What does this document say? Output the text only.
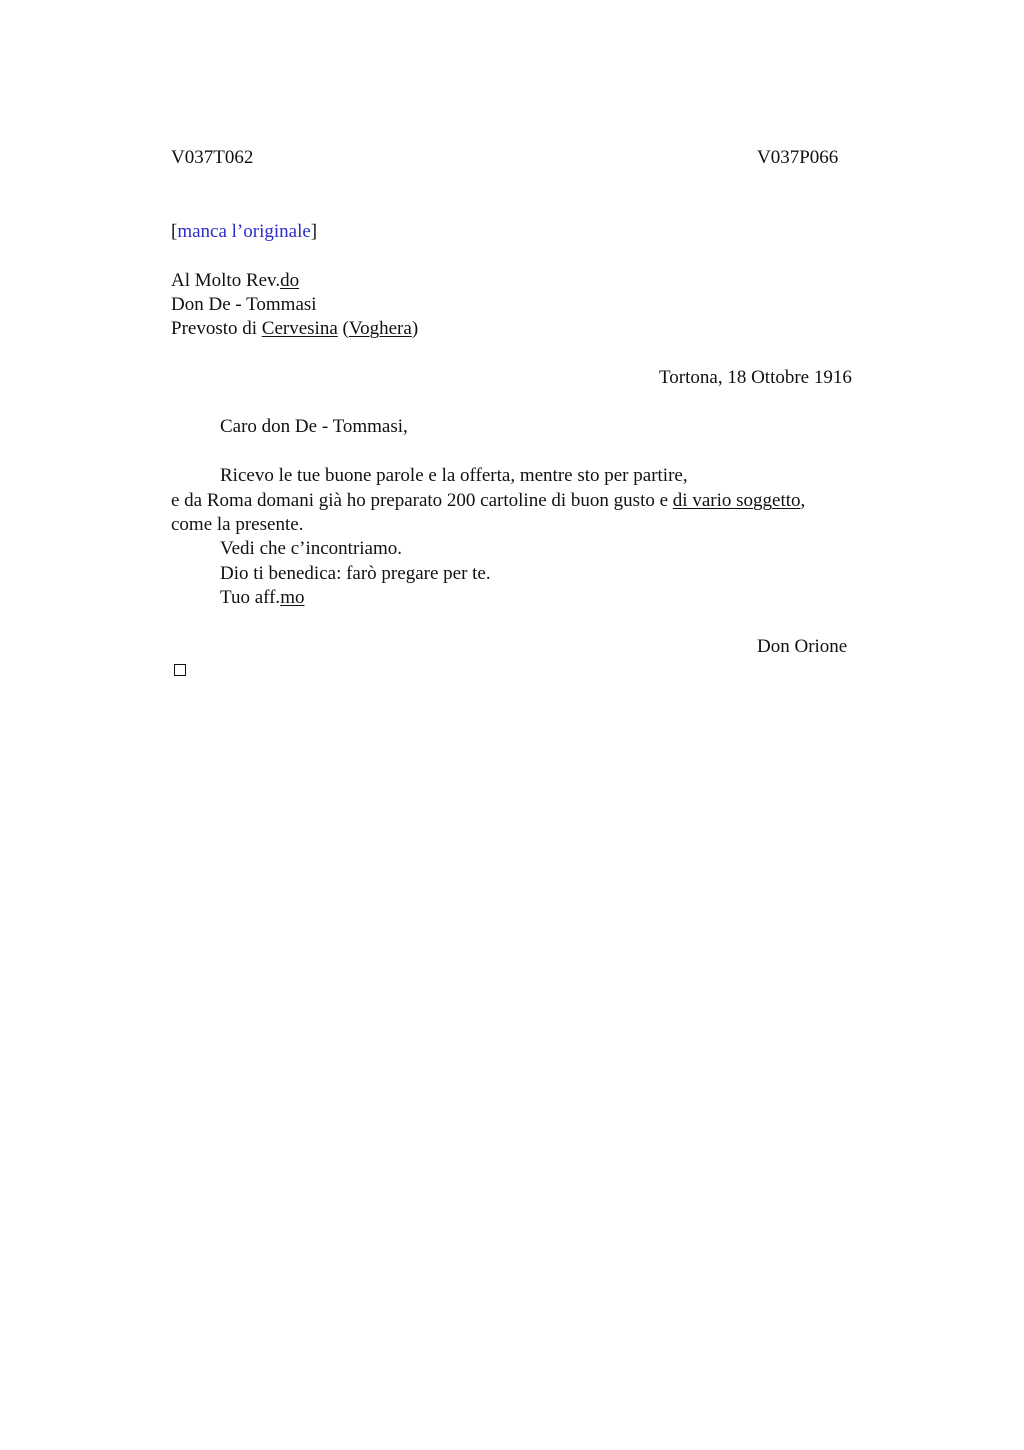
V037T062	V037P066
[manca l’originale]
Al Molto Rev.do
Don De - Tommasi
Prevosto di Cervesina (Voghera)
Tortona, 18 Ottobre 1916
Caro don De - Tommasi,
Ricevo le tue buone parole e la offerta, mentre sto per partire,
e da Roma domani già ho preparato 200 cartoline di buon gusto e di vario soggetto,
come la presente.
Vedi che c’incontriamo.
Dio ti benedica: farò pregare per te.
Tuo aff.mo
Don Orione
